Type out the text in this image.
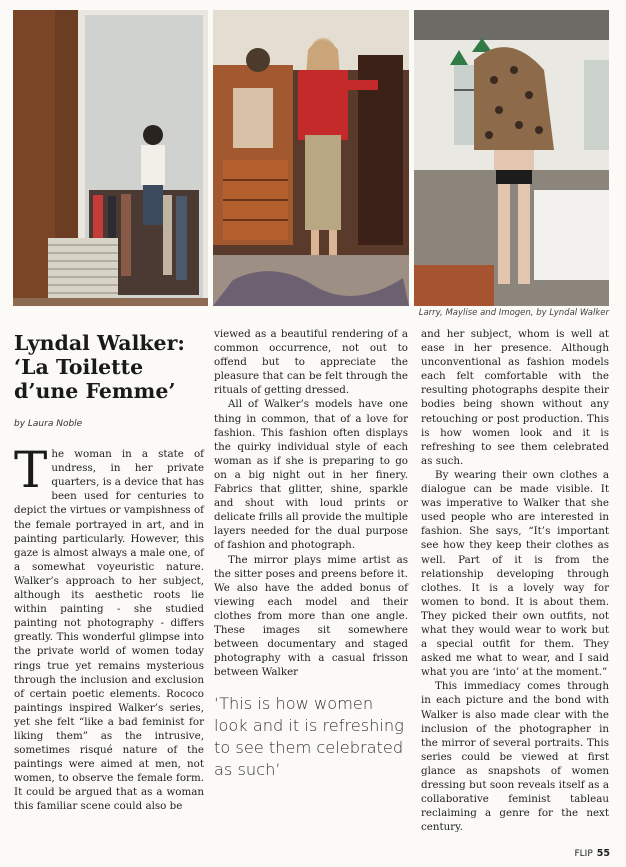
Larry, Maylise and Imogen, by Lyndal Walker
Lyndal Walker:
‘La Toilette
d’une Femme’
by Laura Noble

The woman in a state of undress, in her private quarters, is a device that has been used for centuries to depict the virtues or vampishness of the female portrayed in art, and in painting particularly. However, this gaze is almost always a male one, of a somewhat voyeuristic nature. Walker’s approach to her subject, although its aesthetic roots lie within painting - she studied painting not photography - differs greatly. This wonderful glimpse into the private world of women today rings true yet remains mysterious through the inclusion and exclusion of certain poetic elements. Rococo paintings inspired Walker’s series, yet she felt “like a bad feminist for liking them” as the intrusive, sometimes risqué nature of the paintings were aimed at men, not women, to observe the female form. It could be argued that as a woman this familiar scene could also be

viewed as a beautiful rendering of a common occurrence, not out to offend but to appreciate the pleasure that can be felt through the rituals of getting dressed.

All of Walker’s models have one thing in common, that of a love for fashion. This fashion often displays the quirky individual style of each woman as if she is preparing to go on a big night out in her finery. Fabrics that glitter, shine, sparkle and shout with loud prints or delicate frills all provide the multiple layers needed for the dual purpose of fashion and photograph.

The mirror plays mime artist as the sitter poses and preens before it. We also have the added bonus of viewing each model and their clothes from more than one angle. These images sit somewhere between documentary and staged photography with a casual frisson between Walker

‘This is how women look and it is refreshing to see them celebrated as such’

and her subject, whom is well at ease in her presence. Although unconventional as fashion models each felt comfortable with the resulting photographs despite their bodies being shown without any retouching or post production. This is how women look and it is refreshing to see them celebrated as such.

By wearing their own clothes a dialogue can be made visible. It was imperative to Walker that she used people who are interested in fashion. She says, “It’s important see how they keep their clothes as well. Part of it is from the relationship developing through clothes. It is a lovely way for women to bond. It is about them. They picked their own outfits, not what they would wear to work but a special outfit for them. They asked me what to wear, and I said what you are ‘into’ at the moment.”

This immediacy comes through in each picture and the bond with Walker is also made clear with the inclusion of the photographer in the mirror of several portraits. This series could be viewed at first glance as snapshots of women dressing but soon reveals itself as a collaborative feminist tableau reclaiming a genre for the next century.

FLIP 55
